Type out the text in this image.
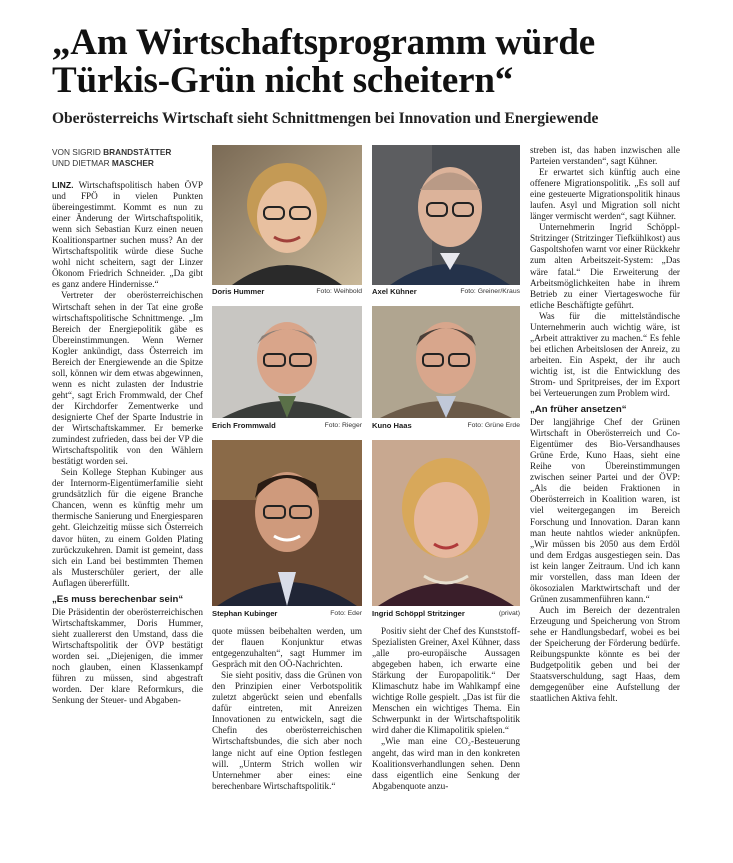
„Am Wirtschaftsprogramm würde
Türkis-Grün nicht scheitern“
Oberösterreichs Wirtschaft sieht Schnittmengen bei Innovation und Energiewende
VON SIGRID BRANDSTÄTTER
UND DIETMAR MASCHER

LINZ. Wirtschaftspolitisch haben ÖVP und FPÖ in vielen Punkten übereingestimmt. Kommt es nun zu einer Änderung der Wirtschaftspolitik, wenn sich Sebastian Kurz einen neuen Koalitionspartner suchen muss? An der Wirtschaftspolitik würde diese Suche wohl nicht scheitern, sagt der Linzer Ökonom Friedrich Schneider. „Da gibt es ganz andere Hindernisse.“

Vertreter der oberösterreichischen Wirtschaft sehen in der Tat eine große wirtschaftspolitische Schnittmenge. „Im Bereich der Energiepolitik gäbe es Übereinstimmungen. Wenn Werner Kogler ankündigt, dass Österreich im Bereich der Energiewende an die Spitze soll, können wir dem etwas abgewinnen, wenn es nicht zulasten der Industrie geht“, sagt Erich Frommwald, der Chef der Kirchdorfer Zementwerke und designierte Chef der Sparte Industrie in der Wirtschaftskammer. Er bemerke zumindest zufrieden, dass bei der VP die Wirtschaftspolitik von den Wählern bestätigt worden sei.

Sein Kollege Stephan Kubinger aus der Internorm-Eigentümerfamilie sieht grundsätzlich für die eigene Branche Chancen, wenn es künftig mehr um thermische Sanierung und Energiesparen geht. Gleichzeitig müsse sich Österreich davor hüten, zu einem Golden Plating zurückzukehren. Damit ist gemeint, dass sich ein Land bei bestimmten Themen als Musterschüler geriert, der alle Auflagen übererfüllt.

„Es muss berechenbar sein“

Die Präsidentin der oberösterreichischen Wirtschaftskammer, Doris Hummer, sieht zuallererst den Umstand, dass die Wirtschaftspolitik der ÖVP bestätigt worden sei. „Diejenigen, die immer noch glauben, einen Klassenkampf führen zu müssen, sind abgestraft worden. Der klare Reformkurs, die Senkung der Steuer- und Abgaben-

Doris Hummer	Foto: Weihbold Axel Kühner	Foto: Greiner/Kraus
Erich Frommwald	Foto: Rieger Kuno Haas	Foto: Grüne Erde
Stephan Kubinger	Foto: Eder Ingrid Schöppl Stritzinger	(privat)

quote müssen beibehalten werden, um der flauen Konjunktur etwas entgegenzuhalten“, sagt Hummer im Gespräch mit den OÖ-Nachrichten.

Sie sieht positiv, dass die Grünen von den Prinzipien einer Verbotspolitik zuletzt abgerückt seien und ebenfalls dafür eintreten, mit Anreizen Innovationen zu entwickeln, sagt die Chefin des oberösterreichischen Wirtschaftsbundes, die sich aber noch lange nicht auf eine Option festlegen will. „Unterm Strich wollen wir Unternehmer aber eines: eine berechenbare Wirtschaftspolitik.“

Positiv sieht der Chef des Kunststoff-Spezialisten Greiner, Axel Kühner, dass „alle pro-europäische Aussagen abgegeben haben, ich erwarte eine Stärkung der Europapolitik.“ Der Klimaschutz habe im Wahlkampf eine wichtige Rolle gespielt. „Das ist für die Menschen ein wichtiges Thema. Ein Schwerpunkt in der Wirtschaftspolitik wird daher die Klimapolitik spielen.“

„Wie man eine CO₂-Besteuerung angeht, das wird man in den konkreten Koalitionsverhandlungen sehen. Denn dass eigentlich eine Senkung der Abgabenquote anzu-

streben ist, das haben inzwischen alle Parteien verstanden“, sagt Kühner.

Er erwartet sich künftig auch eine offenere Migrationspolitik. „Es soll auf eine gesteuerte Migrationspolitik hinaus laufen. Asyl und Migration soll nicht länger vermischt werden“, sagt Kühner.

Unternehmerin Ingrid Schöppl-Stritzinger (Stritzinger Tiefkühlkost) aus Gaspoltshofen warnt vor einer Rückkehr zum alten Arbeitszeit-System: „Das wäre fatal.“ Die Erweiterung der Arbeitsmöglichkeiten habe in ihrem Betrieb zu einer Viertageswoche für etliche Beschäftigte geführt.

Was für die mittelständische Unternehmerin auch wichtig wäre, ist „Arbeit attraktiver zu machen.“ Es fehle bei etlichen Arbeitslosen der Anreiz, zu arbeiten. Ein Aspekt, der ihr auch wichtig ist, ist die Entwicklung des Strom- und Spritpreises, der im Export bei Verteuerungen zum Problem wird.

„An früher ansetzen“

Der langjährige Chef der Grünen Wirtschaft in Oberösterreich und Co-Eigentümer des Bio-Versandhauses Grüne Erde, Kuno Haas, sieht eine Reihe von Übereinstimmungen zwischen seiner Partei und der ÖVP: „Als die beiden Fraktionen in Oberösterreich in Koalition waren, ist viel weitergegangen im Bereich Forschung und Innovation. Daran kann man heute nahtlos wieder anknüpfen. „Wir müssen bis 2050 aus dem Erdöl und dem Erdgas ausgestiegen sein. Das ist kein langer Zeitraum. Und ich kann mir vorstellen, dass man Ideen der ökosozialen Marktwirtschaft und der Grünen zusammenführen kann.“

Auch im Bereich der dezentralen Erzeugung und Speicherung von Strom sehe er Handlungsbedarf, wobei es bei der Speicherung der Förderung bedürfe. Reibungspunkte könnte es bei der Budgetpolitik geben und bei der Staatsverschuldung, sagt Haas, dem demgegenüber eine Aufstellung der staatlichen Aktiva fehlt.
